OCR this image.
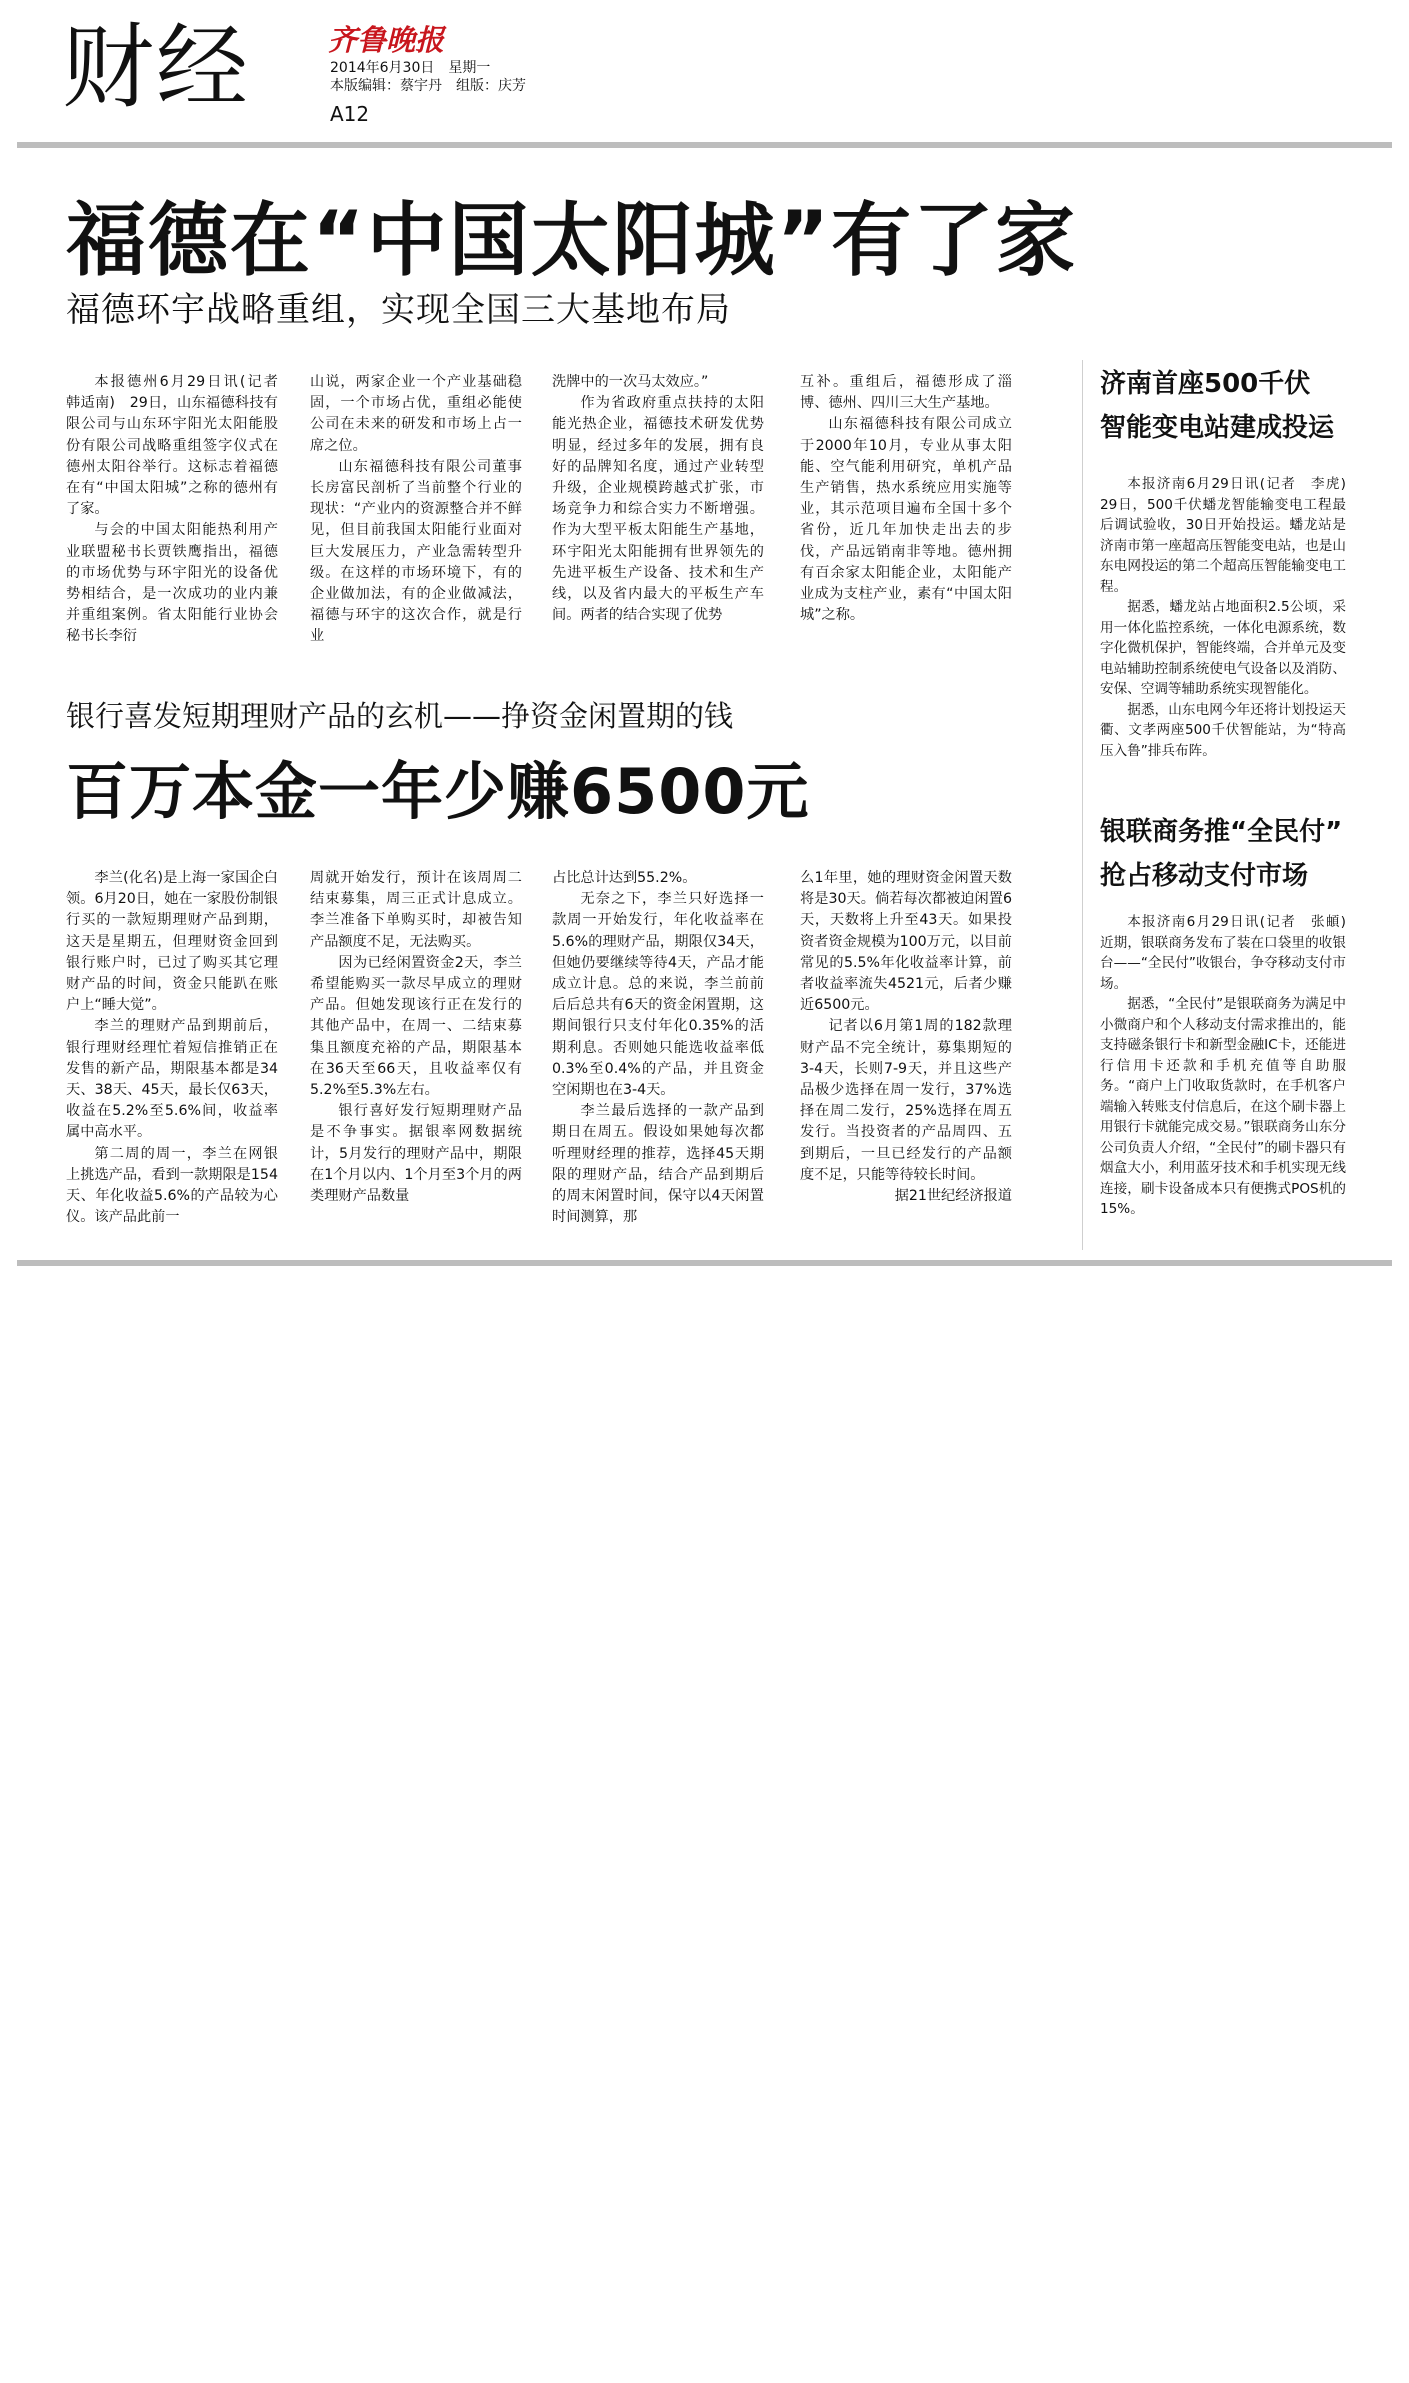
财经	齐鲁晚报
2014年6月30日　星期一
本版编辑：蔡宇丹　组版：庆芳
A12
福德在“中国太阳城”有了家
福德环宇战略重组，实现全国三大基地布局

本报德州6月29日讯(记者　韩适南)　29日，山东福德科技有限公司与山东环宇阳光太阳能股份有限公司战略重组签字仪式在德州太阳谷举行。这标志着福德在有“中国太阳城”之称的德州有了家。

与会的中国太阳能热利用产业联盟秘书长贾铁鹰指出，福德的市场优势与环宇阳光的设备优势相结合，是一次成功的业内兼并重组案例。省太阳能行业协会秘书长李衍

山说，两家企业一个产业基础稳固，一个市场占优，重组必能使公司在未来的研发和市场上占一席之位。

山东福德科技有限公司董事长房富民剖析了当前整个行业的现状：“产业内的资源整合并不鲜见，但目前我国太阳能行业面对巨大发展压力，产业急需转型升级。在这样的市场环境下，有的企业做加法，有的企业做减法，福德与环宇的这次合作，就是行业

洗牌中的一次马太效应。”

作为省政府重点扶持的太阳能光热企业，福德技术研发优势明显，经过多年的发展，拥有良好的品牌知名度，通过产业转型升级，企业规模跨越式扩张，市场竞争力和综合实力不断增强。作为大型平板太阳能生产基地，环宇阳光太阳能拥有世界领先的先进平板生产设备、技术和生产线，以及省内最大的平板生产车间。两者的结合实现了优势

互补。重组后，福德形成了淄博、德州、四川三大生产基地。

山东福德科技有限公司成立于2000年10月，专业从事太阳能、空气能利用研究，单机产品生产销售，热水系统应用实施等业，其示范项目遍布全国十多个省份，近几年加快走出去的步伐，产品远销南非等地。德州拥有百余家太阳能企业，太阳能产业成为支柱产业，素有“中国太阳城”之称。

银行喜发短期理财产品的玄机——挣资金闲置期的钱
百万本金一年少赚6500元

李兰(化名)是上海一家国企白领。6月20日，她在一家股份制银行买的一款短期理财产品到期，这天是星期五，但理财资金回到银行账户时，已过了购买其它理财产品的时间，资金只能趴在账户上“睡大觉”。

李兰的理财产品到期前后，银行理财经理忙着短信推销正在发售的新产品，期限基本都是34天、38天、45天，最长仅63天，收益在5.2%至5.6%间，收益率属中高水平。

第二周的周一，李兰在网银上挑选产品，看到一款期限是154天、年化收益5.6%的产品较为心仪。该产品此前一

周就开始发行，预计在该周周二结束募集，周三正式计息成立。李兰准备下单购买时，却被告知产品额度不足，无法购买。

因为已经闲置资金2天，李兰希望能购买一款尽早成立的理财产品。但她发现该行正在发行的其他产品中，在周一、二结束募集且额度充裕的产品，期限基本在36天至66天，且收益率仅有5.2%至5.3%左右。

银行喜好发行短期理财产品是不争事实。据银率网数据统计，5月发行的理财产品中，期限在1个月以内、1个月至3个月的两类理财产品数量

占比总计达到55.2%。

无奈之下，李兰只好选择一款周一开始发行，年化收益率在5.6%的理财产品，期限仅34天，但她仍要继续等待4天，产品才能成立计息。总的来说，李兰前前后后总共有6天的资金闲置期，这期间银行只支付年化0.35%的活期利息。否则她只能选收益率低0.3%至0.4%的产品，并且资金空闲期也在3-4天。

李兰最后选择的一款产品到期日在周五。假设如果她每次都听理财经理的推荐，选择45天期限的理财产品，结合产品到期后的周末闲置时间，保守以4天闲置时间测算，那

么1年里，她的理财资金闲置天数将是30天。倘若每次都被迫闲置6天，天数将上升至43天。如果投资者资金规模为100万元，以目前常见的5.5%年化收益率计算，前者收益率流失4521元，后者少赚近6500元。

记者以6月第1周的182款理财产品不完全统计，募集期短的3-4天，长则7-9天，并且这些产品极少选择在周一发行，37%选择在周二发行，25%选择在周五发行。当投资者的产品周四、五到期后，一旦已经发行的产品额度不足，只能等待较长时间。

据21世纪经济报道

济南首座500千伏
智能变电站建成投运

本报济南6月29日讯(记者　李虎)　29日，500千伏蟠龙智能输变电工程最后调试验收，30日开始投运。蟠龙站是济南市第一座超高压智能变电站，也是山东电网投运的第二个超高压智能输变电工程。

据悉，蟠龙站占地面积2.5公顷，采用一体化监控系统，一体化电源系统，数字化微机保护，智能终端，合并单元及变电站辅助控制系统使电气设备以及消防、安保、空调等辅助系统实现智能化。

据悉，山东电网今年还将计划投运天衢、文孝两座500千伏智能站，为“特高压入鲁”排兵布阵。

银联商务推“全民付”
抢占移动支付市场

本报济南6月29日讯(记者　张頔)　近期，银联商务发布了装在口袋里的收银台——“全民付”收银台，争夺移动支付市场。

据悉，“全民付”是银联商务为满足中小微商户和个人移动支付需求推出的，能支持磁条银行卡和新型金融IC卡，还能进行信用卡还款和手机充值等自助服务。“商户上门收取货款时，在手机客户端输入转账支付信息后，在这个刷卡器上用银行卡就能完成交易。”银联商务山东分公司负责人介绍，“全民付”的刷卡器只有烟盒大小，利用蓝牙技术和手机实现无线连接，刷卡设备成本只有便携式POS机的15%。
